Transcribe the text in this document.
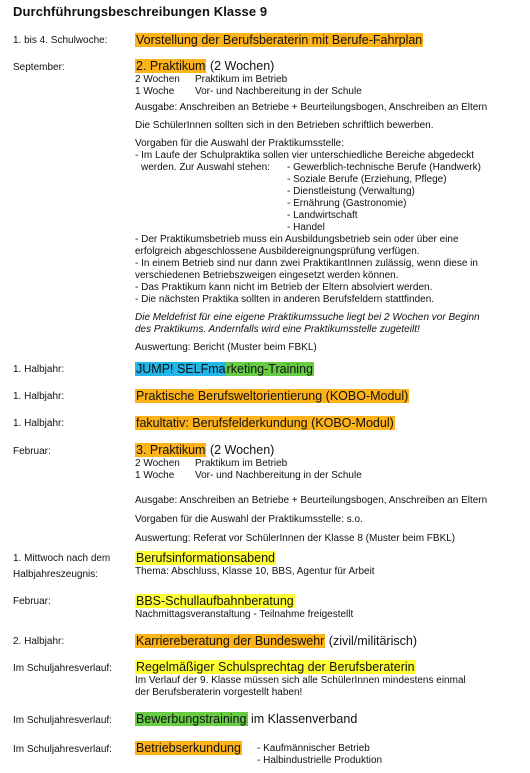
Durchführungsbeschreibungen Klasse 9
1. bis 4. Schulwoche: Vorstellung der Berufsberaterin mit Berufe-Fahrplan
September:	2. Praktikum (2 Wochen)
2 Wochen	Praktikum im Betrieb
1 Woche	Vor- und Nachbereitung in der Schule
Ausgabe: Anschreiben an Betriebe + Beurteilungsbogen, Anschreiben an Eltern
Die SchülerInnen sollten sich in den Betrieben schriftlich bewerben.
Vorgaben für die Auswahl der Praktikumsstelle:
- Im Laufe der Schulpraktika sollen vier unterschiedliche Bereiche abgedeckt
werden. Zur Auswahl stehen:	- Gewerblich-technische Berufe (Handwerk)
- Soziale Berufe (Erziehung, Pflege)
- Dienstleistung (Verwaltung)
- Ernährung (Gastronomie)
- Landwirtschaft
- Handel
- Der Praktikumsbetrieb muss ein Ausbildungsbetrieb sein oder über eine
erfolgreich abgeschlossene Ausbildereignungsprüfung verfügen.
- In einem Betrieb sind nur dann zwei PraktikantInnen zulässig, wenn diese in
verschiedenen Betriebszweigen eingesetzt werden können.
- Das Praktikum kann nicht im Betrieb der Eltern absolviert werden.
- Die nächsten Praktika sollten in anderen Berufsfeldern stattfinden.
Die Meldefrist für eine eigene Praktikumssuche liegt bei 2 Wochen vor Beginn
des Praktikums. Andernfalls wird eine Praktikumsstelle zugeteilt!
Auswertung: Bericht (Muster beim FBKL)
1. Halbjahr:	JUMP! SELFmarketing-Training
1. Halbjahr:	Praktische Berufsweltorientierung (KOBO-Modul)
1. Halbjahr:	fakultativ: Berufsfelderkundung (KOBO-Modul)
Februar:	3. Praktikum (2 Wochen)
2 Wochen	Praktikum im Betrieb
1 Woche	Vor- und Nachbereitung in der Schule
Ausgabe: Anschreiben an Betriebe + Beurteilungsbogen, Anschreiben an Eltern
Vorgaben für die Auswahl der Praktikumsstelle: s.o.
Auswertung: Referat vor SchülerInnen der Klasse 8 (Muster beim FBKL)
1. Mittwoch nach dem
Halbjahreszeugnis:
Berufsinformationsabend
Thema: Abschluss, Klasse 10, BBS, Agentur für Arbeit
Februar:	BBS-Schullaufbahnberatung
Nachmittagsveranstaltung - Teilnahme freigestellt
2. Halbjahr:	Karriereberatung der Bundeswehr (zivil/militärisch)
Im Schuljahresverlauf: Regelmäßiger Schulsprechtag der Berufsberaterin
Im Verlauf der 9. Klasse müssen sich alle SchülerInnen mindestens einmal
der Berufsberaterin vorgestellt haben!
Im Schuljahresverlauf: Bewerbungstraining im Klassenverband
Im Schuljahresverlauf: Betriebserkundung	- Kaufmännischer Betrieb
- Halbindustrielle Produktion
